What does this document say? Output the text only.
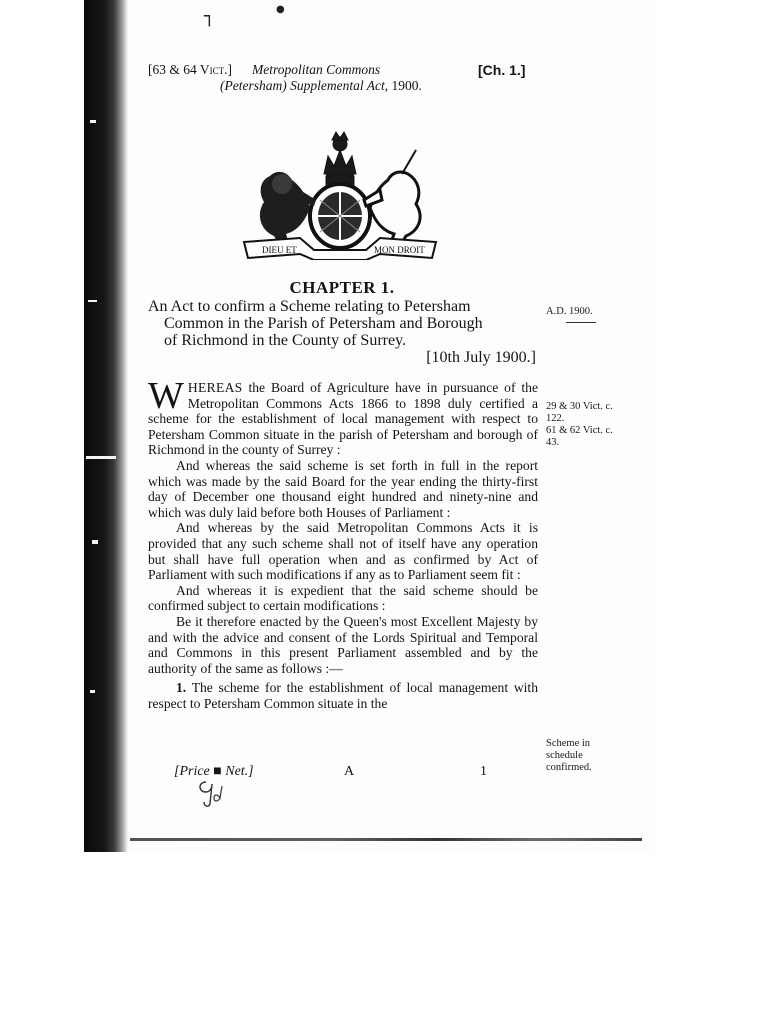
┐	●
[63 & 64 Vict.] Metropolitan Commons	[Ch. 1.]
(Petersham) Supplemental Act, 1900.
DIEU ET	MON DROIT
CHAPTER 1.
An Act to confirm a Scheme relating to Petersham
Common in the Parish of Petersham and Borough
of Richmond in the County of Surrey.
[10th July 1900.]
A.D. 1900.
29 & 30 Vict. c. 122.
61 & 62 Vict. c. 43.
Scheme in schedule confirmed.

WHEREAS the Board of Agriculture have in pursuance of the Metropolitan Commons Acts 1866 to 1898 duly certified a scheme for the establishment of local management with respect to Petersham Common situate in the parish of Petersham and borough of Richmond in the county of Surrey :

And whereas the said scheme is set forth in full in the report which was made by the said Board for the year ending the thirty-first day of December one thousand eight hundred and ninety-nine and which was duly laid before both Houses of Parliament :

And whereas by the said Metropolitan Commons Acts it is provided that any such scheme shall not of itself have any operation but shall have full operation when and as confirmed by Act of Parliament with such modifications if any as to Parliament seem fit :

And whereas it is expedient that the said scheme should be confirmed subject to certain modifications :

Be it therefore enacted by the Queen's most Excellent Majesty by and with the advice and consent of the Lords Spiritual and Temporal and Commons in this present Parliament assembled and by the authority of the same as follows :—

1. The scheme for the establishment of local management with respect to Petersham Common situate in the

[Price ■ Net.]	A	1
